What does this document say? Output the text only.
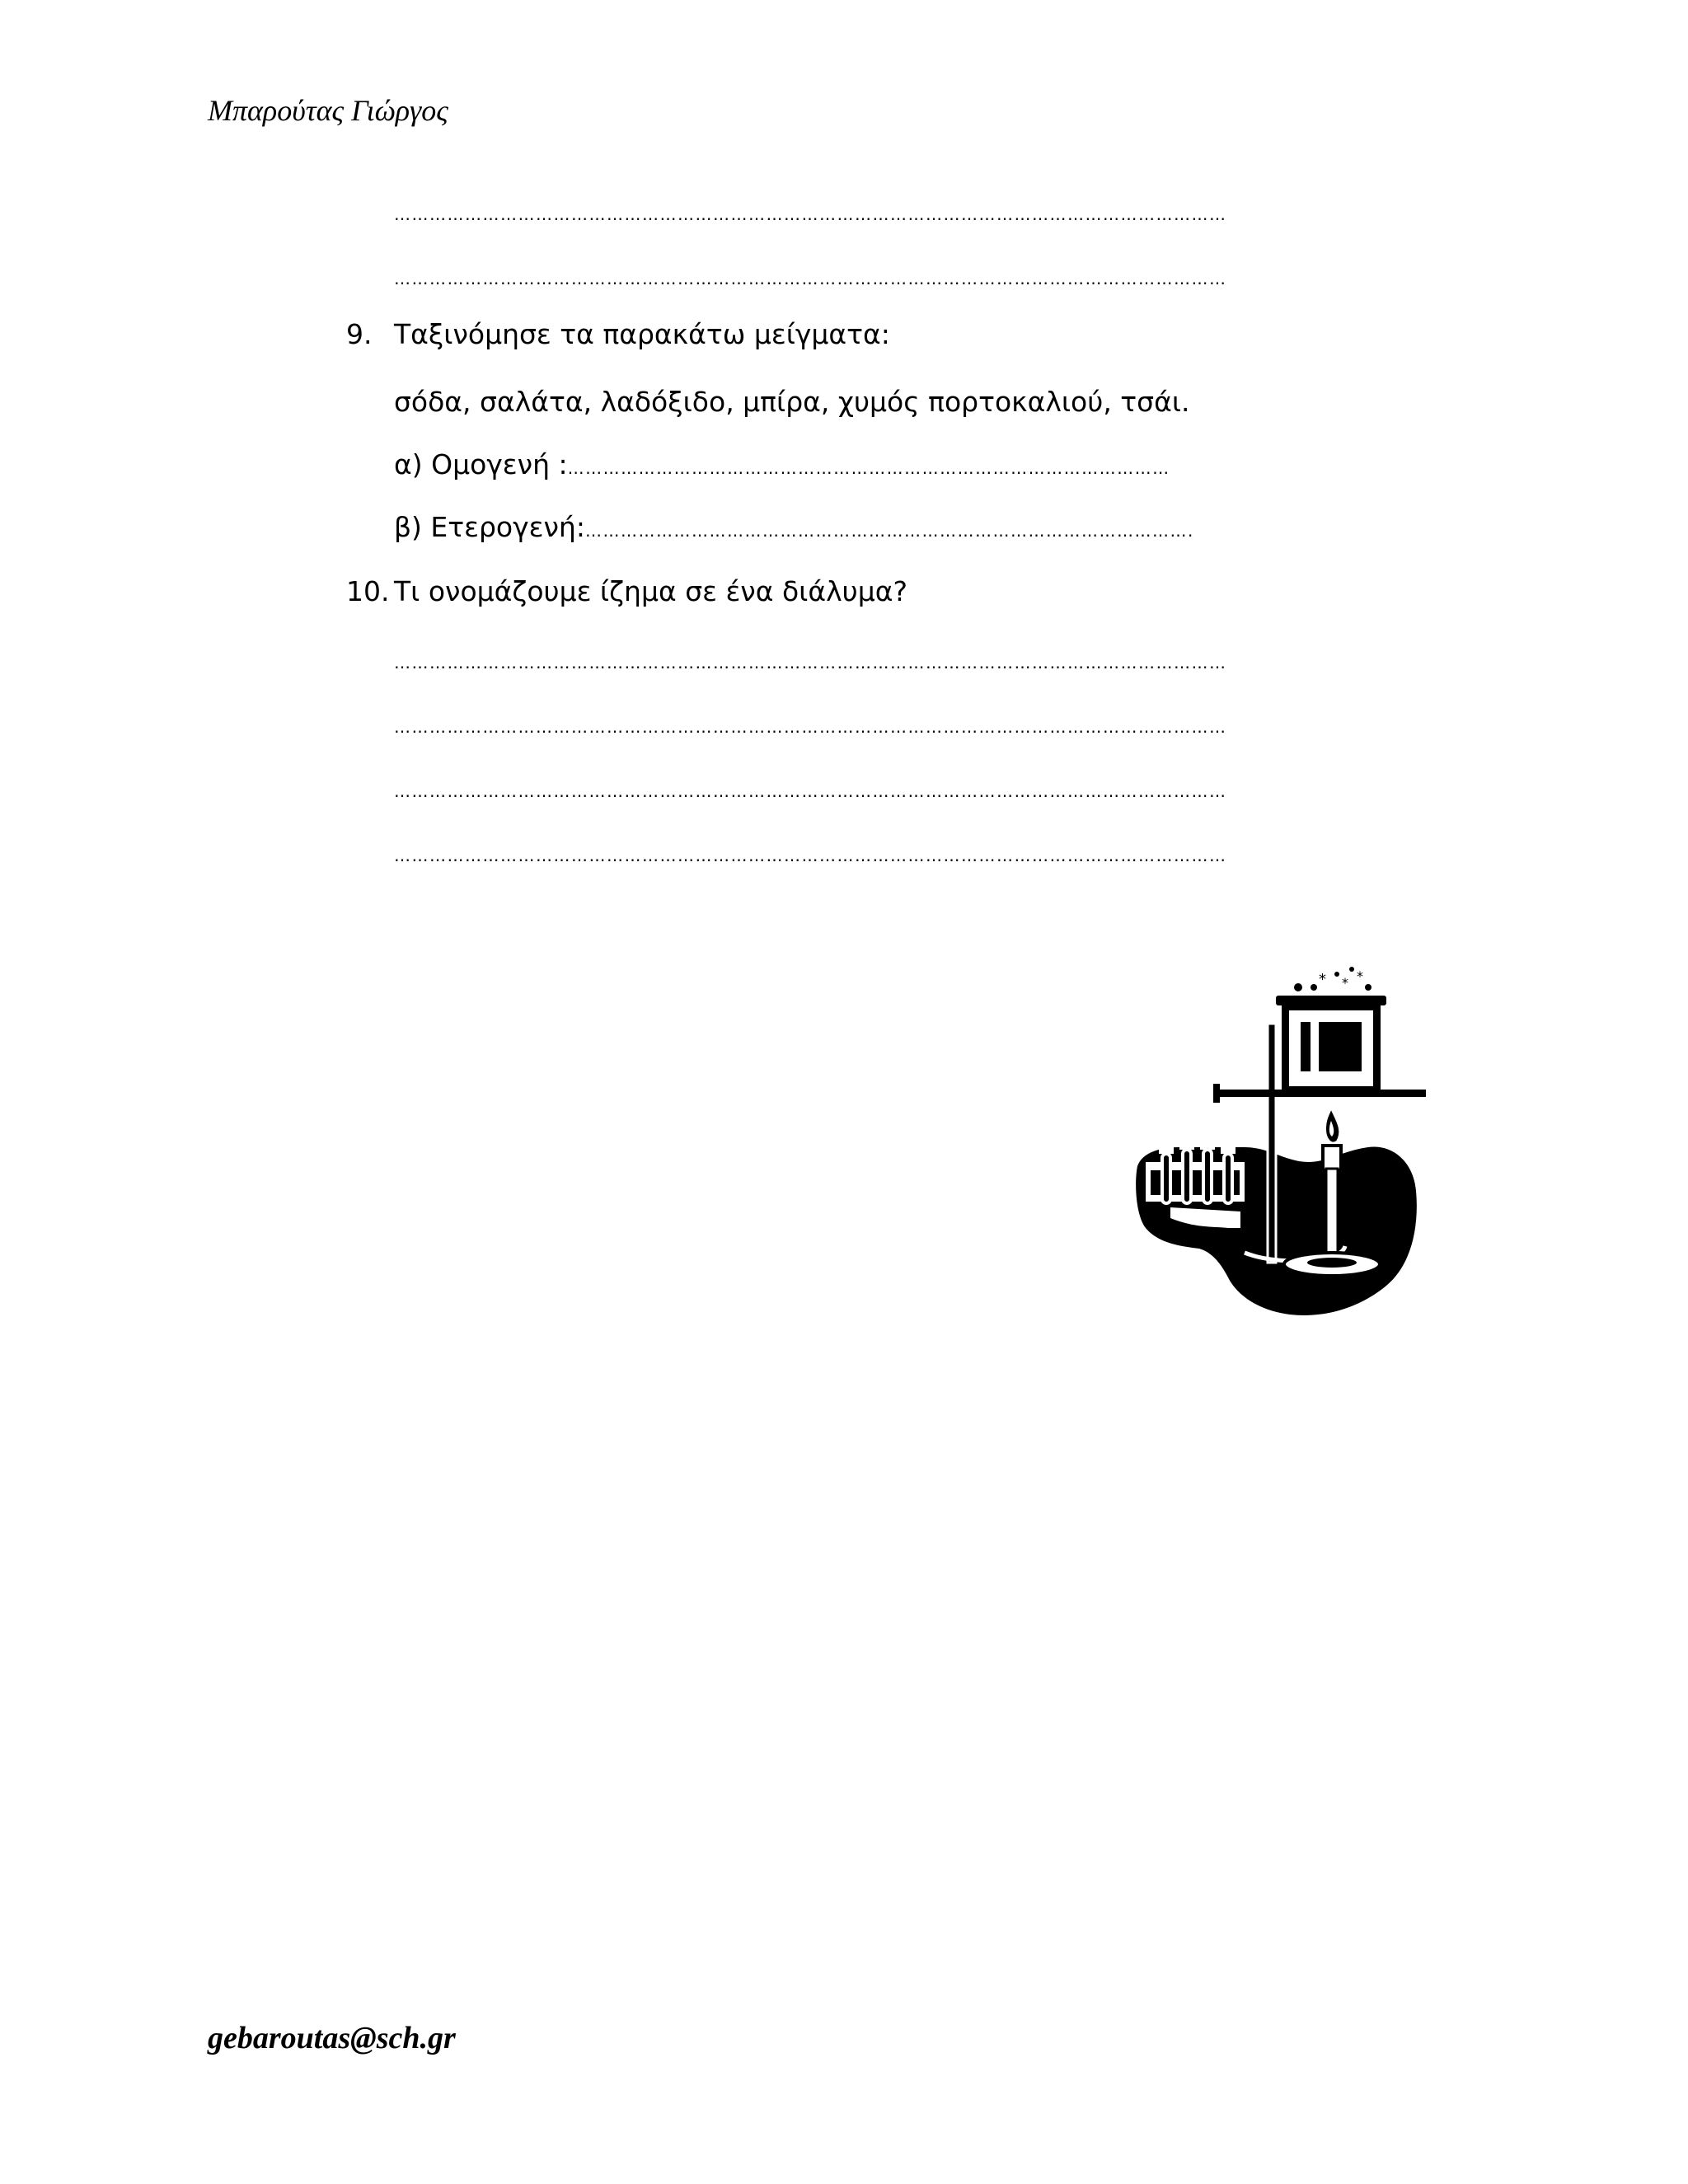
Μπαρούτας Γιώργος
……………………………………………………………………………………………………………………………
……………………………………………………………………………………………………………………………
9. Ταξινόμησε τα παρακάτω μείγματα:
σόδα, σαλάτα, λαδόξιδο, μπίρα, χυμός πορτοκαλιού, τσάι.
α) Ομογενή : …………………………………………………………………………………………
β) Ετερογενή: ………………………………………………………………………………………….
10. Τι ονομάζουμε ίζημα σε ένα διάλυμα?
……………………………………………………………………………………………………………………………
……………………………………………………………………………………………………………………………
……………………………………………………………………………………………………………………………
……………………………………………………………………………………………………………………………
* * *
gebaroutas@sch.gr
